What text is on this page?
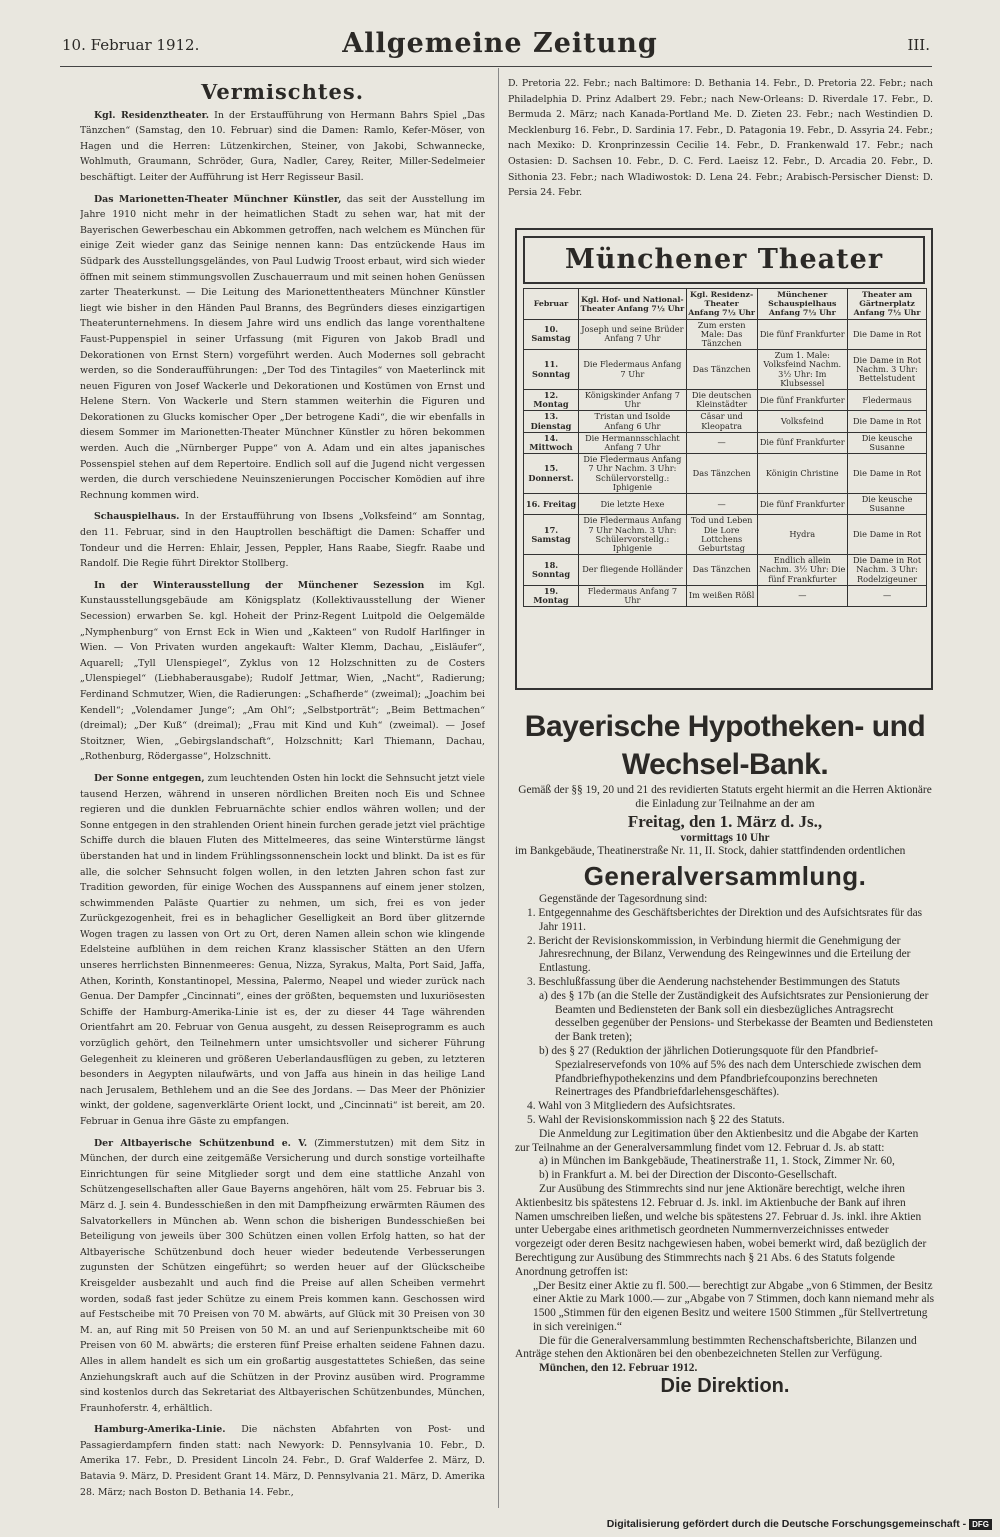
10. Februar 1912.	Allgemeine Zeitung	III.
Vermischtes.

Kgl. Residenztheater. In der Erstaufführung von Hermann Bahrs Spiel „Das Tänzchen“ (Samstag, den 10. Februar) sind die Damen: Ramlo, Kefer-Möser, von Hagen und die Herren: Lützenkirchen, Steiner, von Jakobi, Schwannecke, Wohlmuth, Graumann, Schröder, Gura, Nadler, Carey, Reiter, Miller-Sedelmeier beschäftigt. Leiter der Aufführung ist Herr Regisseur Basil.

Das Marionetten-Theater Münchner Künstler, das seit der Ausstellung im Jahre 1910 nicht mehr in der heimatlichen Stadt zu sehen war, hat mit der Bayerischen Gewerbeschau ein Abkommen getroffen, nach welchem es München für einige Zeit wieder ganz das Seinige nennen kann: Das entzückende Haus im Südpark des Ausstellungsgeländes, von Paul Ludwig Troost erbaut, wird sich wieder öffnen mit seinem stimmungsvollen Zuschauerraum und mit seinen hohen Genüssen zarter Theaterkunst. — Die Leitung des Marionettentheaters Münchner Künstler liegt wie bisher in den Händen Paul Branns, des Begründers dieses einzigartigen Theaterunternehmens. In diesem Jahre wird uns endlich das lange vorenthaltene Faust-Puppenspiel in seiner Urfassung (mit Figuren von Jakob Bradl und Dekorationen von Ernst Stern) vorgeführt werden. Auch Modernes soll gebracht werden, so die Sonderaufführungen: „Der Tod des Tintagiles“ von Maeterlinck mit neuen Figuren von Josef Wackerle und Dekorationen und Kostümen von Ernst und Helene Stern. Von Wackerle und Stern stammen weiterhin die Figuren und Dekorationen zu Glucks komischer Oper „Der betrogene Kadi“, die wir ebenfalls in diesem Sommer im Marionetten-Theater Münchner Künstler zu hören bekommen werden. Auch die „Nürnberger Puppe“ von A. Adam und ein altes japanisches Possenspiel stehen auf dem Repertoire. Endlich soll auf die Jugend nicht vergessen werden, die durch verschiedene Neuinszenierungen Poccischer Komödien auf ihre Rechnung kommen wird.

Schauspielhaus. In der Erstaufführung von Ibsens „Volksfeind“ am Sonntag, den 11. Februar, sind in den Hauptrollen beschäftigt die Damen: Schaffer und Tondeur und die Herren: Ehlair, Jessen, Peppler, Hans Raabe, Siegfr. Raabe und Randolf. Die Regie führt Direktor Stollberg.

In der Winterausstellung der Münchener Sezession im Kgl. Kunstausstellungsgebäude am Königsplatz (Kollektivausstellung der Wiener Secession) erwarben Se. kgl. Hoheit der Prinz-Regent Luitpold die Oelgemälde „Nymphenburg“ von Ernst Eck in Wien und „Kakteen“ von Rudolf Harlfinger in Wien. — Von Privaten wurden angekauft: Walter Klemm, Dachau, „Eisläufer“, Aquarell; „Tyll Ulenspiegel“, Zyklus von 12 Holzschnitten zu de Costers „Ulenspiegel“ (Liebhaberausgabe); Rudolf Jettmar, Wien, „Nacht“, Radierung; Ferdinand Schmutzer, Wien, die Radierungen: „Schafherde“ (zweimal); „Joachim bei Kendell“; „Volendamer Junge“; „Am Ohl“; „Selbstporträt“; „Beim Bettmachen“ (dreimal); „Der Kuß“ (dreimal); „Frau mit Kind und Kuh“ (zweimal). — Josef Stoitzner, Wien, „Gebirgslandschaft“, Holzschnitt; Karl Thiemann, Dachau, „Rothenburg, Rödergasse“, Holzschnitt.

Der Sonne entgegen, zum leuchtenden Osten hin lockt die Sehnsucht jetzt viele tausend Herzen, während in unseren nördlichen Breiten noch Eis und Schnee regieren und die dunklen Februarnächte schier endlos währen wollen; und der Sonne entgegen in den strahlenden Orient hinein furchen gerade jetzt viel prächtige Schiffe durch die blauen Fluten des Mittelmeeres, das seine Winterstürme längst überstanden hat und in lindem Frühlingssonnenschein lockt und blinkt. Da ist es für alle, die solcher Sehnsucht folgen wollen, in den letzten Jahren schon fast zur Tradition geworden, für einige Wochen des Ausspannens auf einem jener stolzen, schwimmenden Paläste Quartier zu nehmen, um sich, frei es von jeder Zurückgezogenheit, frei es in behaglicher Geselligkeit an Bord über glitzernde Wogen tragen zu lassen von Ort zu Ort, deren Namen allein schon wie klingende Edelsteine aufblühen in dem reichen Kranz klassischer Stätten an den Ufern unseres herrlichsten Binnenmeeres: Genua, Nizza, Syrakus, Malta, Port Said, Jaffa, Athen, Korinth, Konstantinopel, Messina, Palermo, Neapel und wieder zurück nach Genua. Der Dampfer „Cincinnati“, eines der größten, bequemsten und luxuriösesten Schiffe der Hamburg-Amerika-Linie ist es, der zu dieser 44 Tage währenden Orientfahrt am 20. Februar von Genua ausgeht, zu dessen Reiseprogramm es auch vorzüglich gehört, den Teilnehmern unter umsichtsvoller und sicherer Führung Gelegenheit zu kleineren und größeren Ueberlandausflügen zu geben, zu letzteren besonders in Aegypten nilaufwärts, und von Jaffa aus hinein in das heilige Land nach Jerusalem, Bethlehem und an die See des Jordans. — Das Meer der Phönizier winkt, der goldene, sagenverklärte Orient lockt, und „Cincinnati“ ist bereit, am 20. Februar in Genua ihre Gäste zu empfangen.

Der Altbayerische Schützenbund e. V. (Zimmerstutzen) mit dem Sitz in München, der durch eine zeitgemäße Versicherung und durch sonstige vorteilhafte Einrichtungen für seine Mitglieder sorgt und dem eine stattliche Anzahl von Schützengesellschaften aller Gaue Bayerns angehören, hält vom 25. Februar bis 3. März d. J. sein 4. Bundesschießen in den mit Dampfheizung erwärmten Räumen des Salvatorkellers in München ab. Wenn schon die bisherigen Bundesschießen bei Beteiligung von jeweils über 300 Schützen einen vollen Erfolg hatten, so hat der Altbayerische Schützenbund doch heuer wieder bedeutende Verbesserungen zugunsten der Schützen eingeführt; so werden heuer auf der Glückscheibe Kreisgelder ausbezahlt und auch find die Preise auf allen Scheiben vermehrt worden, sodaß fast jeder Schütze zu einem Preis kommen kann. Geschossen wird auf Festscheibe mit 70 Preisen von 70 M. abwärts, auf Glück mit 30 Preisen von 30 M. an, auf Ring mit 50 Preisen von 50 M. an und auf Serienpunktscheibe mit 60 Preisen von 60 M. abwärts; die ersteren fünf Preise erhalten seidene Fahnen dazu. Alles in allem handelt es sich um ein großartig ausgestattetes Schießen, das seine Anziehungskraft auch auf die Schützen in der Provinz ausüben wird. Programme sind kostenlos durch das Sekretariat des Altbayerischen Schützenbundes, München, Fraunhoferstr. 4, erhältlich.

Hamburg-Amerika-Linie. Die nächsten Abfahrten von Post- und Passagierdampfern finden statt: nach Newyork: D. Pennsylvania 10. Febr., D. Amerika 17. Febr., D. President Lincoln 24. Febr., D. Graf Walderfee 2. März, D. Batavia 9. März, D. President Grant 14. März, D. Pennsylvania 21. März, D. Amerika 28. März; nach Boston D. Bethania 14. Febr.,

D. Pretoria 22. Febr.; nach Baltimore: D. Bethania 14. Febr., D. Pretoria 22. Febr.; nach Philadelphia D. Prinz Adalbert 29. Febr.; nach New-Orleans: D. Riverdale 17. Febr., D. Bermuda 2. März; nach Kanada-Portland Me. D. Zieten 23. Febr.; nach Westindien D. Mecklenburg 16. Febr., D. Sardinia 17. Febr., D. Patagonia 19. Febr., D. Assyria 24. Febr.; nach Mexiko: D. Kronprinzessin Cecilie 14. Febr., D. Frankenwald 17. Febr.; nach Ostasien: D. Sachsen 10. Febr., D. C. Ferd. Laeisz 12. Febr., D. Arcadia 20. Febr., D. Sithonia 23. Febr.; nach Wladiwostok: D. Lena 24. Febr.; Arabisch-Persischer Dienst: D. Persia 24. Febr.

Münchener Theater
Februar	Kgl. Hof- und National-Theater Anfang 7½ Uhr	Kgl. Residenz-Theater Anfang 7½ Uhr	Münchener Schauspielhaus Anfang 7½ Uhr	Theater am Gärtnerplatz Anfang 7½ Uhr
10. Samstag	Joseph und seine Brüder Anfang 7 Uhr	Zum ersten Male: Das Tänzchen	Die fünf Frankfurter	Die Dame in Rot
11. Sonntag	Die Fledermaus Anfang 7 Uhr	Das Tänzchen	Zum 1. Male: Volksfeind Nachm. 3½ Uhr: Im Klubsessel	Die Dame in Rot Nachm. 3 Uhr: Bettelstudent
12. Montag	Königskinder Anfang 7 Uhr	Die deutschen Kleinstädter	Die fünf Frankfurter	Fledermaus
13. Dienstag	Tristan und Isolde Anfang 6 Uhr	Cäsar und Kleopatra	Volksfeind	Die Dame in Rot
14. Mittwoch	Die Hermannsschlacht Anfang 7 Uhr	—	Die fünf Frankfurter	Die keusche Susanne
15. Donnerst.	Die Fledermaus Anfang 7 Uhr Nachm. 3 Uhr: Schülervorstellg.: Iphigenie	Das Tänzchen	Königin Christine	Die Dame in Rot
16. Freitag	Die letzte Hexe	—	Die fünf Frankfurter	Die keusche Susanne
17. Samstag	Die Fledermaus Anfang 7 Uhr Nachm. 3 Uhr: Schülervorstellg.: Iphigenie	Tod und Leben Die Lore Lottchens Geburtstag	Hydra	Die Dame in Rot
18. Sonntag	Der fliegende Holländer	Das Tänzchen	Endlich allein Nachm. 3½ Uhr: Die fünf Frankfurter	Die Dame in Rot Nachm. 3 Uhr: Rodelzigeuner
19. Montag	Fledermaus Anfang 7 Uhr	Im weißen Rößl	—	—
Bayerische Hypotheken- und Wechsel-Bank.

Gemäß der §§ 19, 20 und 21 des revidierten Statuts ergeht hiermit an die Herren Aktionäre die Einladung zur Teilnahme an der am

Freitag, den 1. März d. Js.,

vormittags 10 Uhr

im Bankgebäude, Theatinerstraße Nr. 11, II. Stock, dahier stattfindenden ordentlichen

Generalversammlung.

Gegenstände der Tagesordnung sind:

1. Entgegennahme des Geschäftsberichtes der Direktion und des Aufsichtsrates für das Jahr 1911.

2. Bericht der Revisionskommission, in Verbindung hiermit die Genehmigung der Jahresrechnung, der Bilanz, Verwendung des Reingewinnes und die Erteilung der Entlastung.

3. Beschlußfassung über die Aenderung nachstehender Bestimmungen des Statuts

a) des § 17b (an die Stelle der Zuständigkeit des Aufsichtsrates zur Pensionierung der Beamten und Bediensteten der Bank soll ein diesbezügliches Antragsrecht desselben gegenüber der Pensions- und Sterbekasse der Beamten und Bediensteten der Bank treten);

b) des § 27 (Reduktion der jährlichen Dotierungsquote für den Pfandbrief-Spezialreservefonds von 10% auf 5% des nach dem Unterschiede zwischen dem Pfandbriefhypothekenzins und dem Pfandbriefcouponzins berechneten Reinertrages des Pfandbriefdarlehensgeschäftes).

4. Wahl von 3 Mitgliedern des Aufsichtsrates.

5. Wahl der Revisionskommission nach § 22 des Statuts.

Die Anmeldung zur Legitimation über den Aktienbesitz und die Abgabe der Karten zur Teilnahme an der Generalversammlung findet vom 12. Februar d. Js. ab statt:

a) in München im Bankgebäude, Theatinerstraße 11, 1. Stock, Zimmer Nr. 60,

b) in Frankfurt a. M. bei der Direction der Disconto-Gesellschaft.

Zur Ausübung des Stimmrechts sind nur jene Aktionäre berechtigt, welche ihren Aktienbesitz bis spätestens 12. Februar d. Js. inkl. im Aktienbuche der Bank auf ihren Namen umschreiben ließen, und welche bis spätestens 27. Februar d. Js. inkl. ihre Aktien unter Uebergabe eines arithmetisch geordneten Nummernverzeichnisses entweder vorgezeigt oder deren Besitz nachgewiesen haben, wobei bemerkt wird, daß bezüglich der Berechtigung zur Ausübung des Stimmrechts nach § 21 Abs. 6 des Statuts folgende Anordnung getroffen ist:

„Der Besitz einer Aktie zu fl. 500.— berechtigt zur Abgabe „von 6 Stimmen, der Besitz einer Aktie zu Mark 1000.— zur „Abgabe von 7 Stimmen, doch kann niemand mehr als 1500 „Stimmen für den eigenen Besitz und weitere 1500 Stimmen „für Stellvertretung in sich vereinigen.“

Die für die Generalversammlung bestimmten Rechenschaftsberichte, Bilanzen und Anträge stehen den Aktionären bei den obenbezeichneten Stellen zur Verfügung.

München, den 12. Februar 1912.

Die Direktion.
Digitalisierung gefördert durch die Deutsche Forschungsgemeinschaft - DFG
